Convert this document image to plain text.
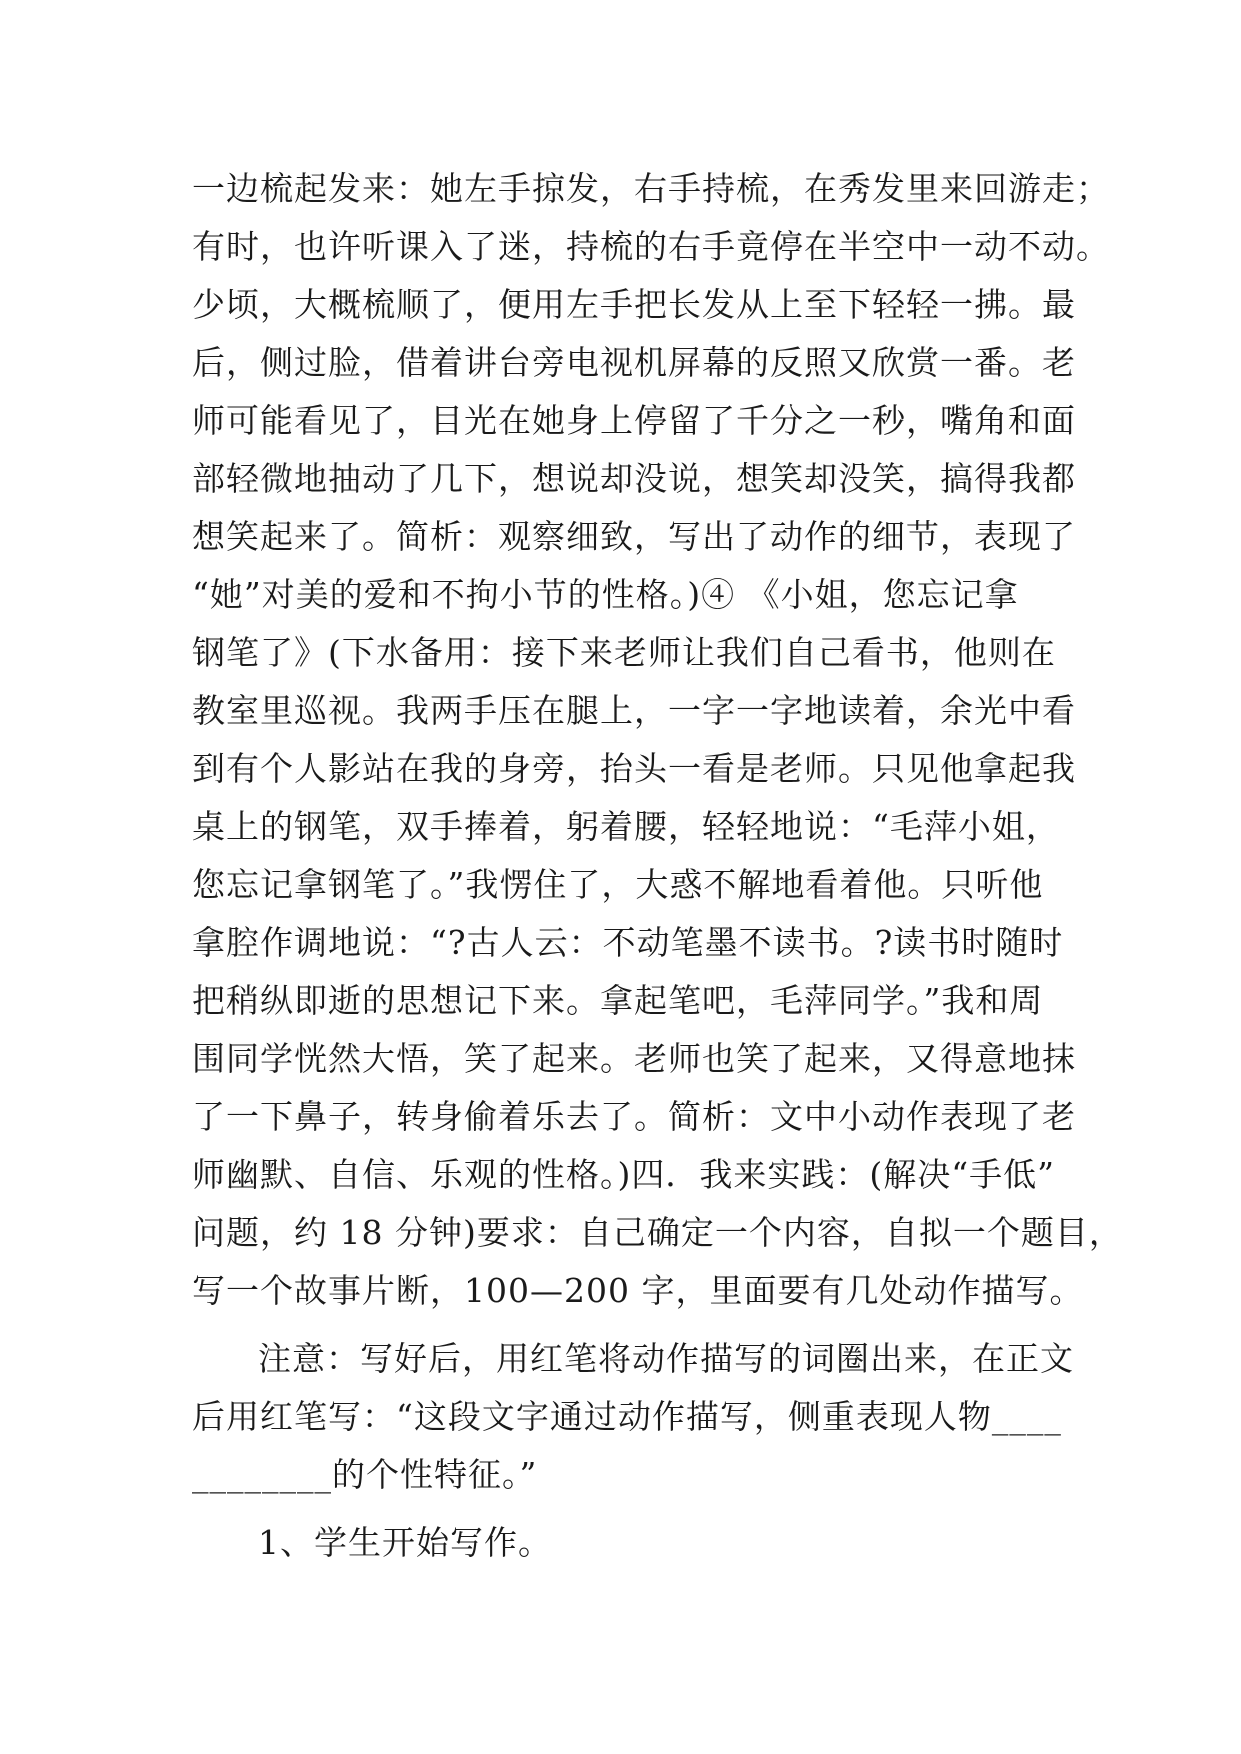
一边梳起发来：她左手掠发，右手持梳，在秀发里来回游走；
有时，也许听课入了迷，持梳的右手竟停在半空中一动不动。
少顷，大概梳顺了，便用左手把长发从上至下轻轻一拂。最
后，侧过脸，借着讲台旁电视机屏幕的反照又欣赏一番。老
师可能看见了，目光在她身上停留了千分之一秒，嘴角和面
部轻微地抽动了几下，想说却没说，想笑却没笑，搞得我都
想笑起来了。简析：观察细致，写出了动作的细节，表现了
“她”对美的爱和不拘小节的性格。)④ 《小姐，您忘记拿
钢笔了》(下水备用：接下来老师让我们自己看书，他则在
教室里巡视。我两手压在腿上，一字一字地读着，余光中看
到有个人影站在我的身旁，抬头一看是老师。只见他拿起我
桌上的钢笔，双手捧着，躬着腰，轻轻地说：“毛萍小姐，
您忘记拿钢笔了。”我愣住了，大惑不解地看着他。只听他
拿腔作调地说：“?古人云：不动笔墨不读书。?读书时随时
把稍纵即逝的思想记下来。拿起笔吧，毛萍同学。”我和周
围同学恍然大悟，笑了起来。老师也笑了起来，又得意地抹
了一下鼻子，转身偷着乐去了。简析：文中小动作表现了老
师幽默、自信、乐观的性格。)四．我来实践：(解决“手低”
问题，约 18 分钟)要求：自己确定一个内容，自拟一个题目，
写一个故事片断，100—200 字，里面要有几处动作描写。
注意：写好后，用红笔将动作描写的词圈出来，在正文
后用红笔写：“这段文字通过动作描写，侧重表现人物____
________的个性特征。”
1、学生开始写作。
